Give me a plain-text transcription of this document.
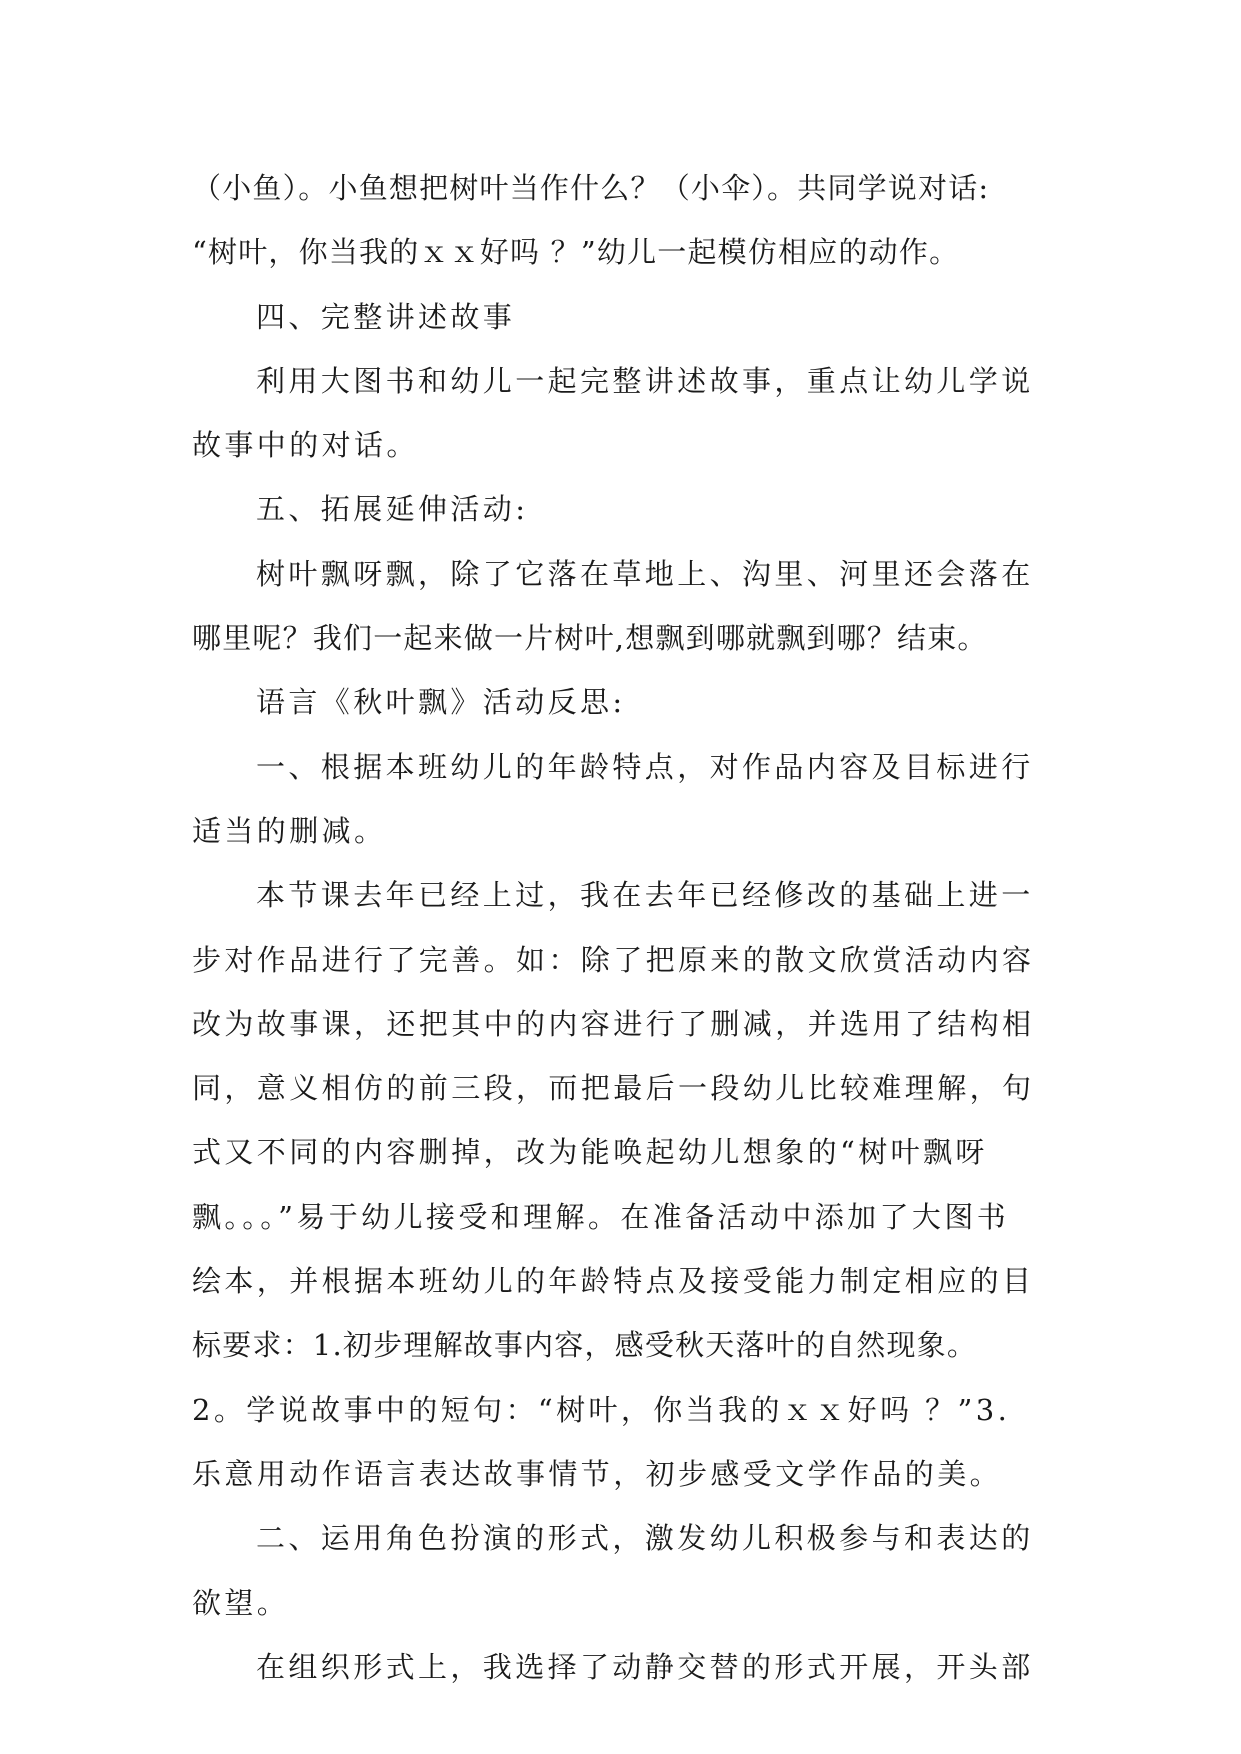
（小鱼）。小鱼想把树叶当作什么？（小伞）。共同学说对话:
“树叶，你当我的ｘｘ好吗 ？”幼儿一起模仿相应的动作。
四、完整讲述故事
利用大图书和幼儿一起完整讲述故事，重点让幼儿学说
故事中的对话。
五、拓展延伸活动:
树叶飘呀飘，除了它落在草地上、沟里、河里还会落在
哪里呢？我们一起来做一片树叶,想飘到哪就飘到哪？结束。
语言《秋叶飘》活动反思:
一、根据本班幼儿的年龄特点，对作品内容及目标进行
适当的删减。
本节课去年已经上过，我在去年已经修改的基础上进一
步对作品进行了完善。如：除了把原来的散文欣赏活动内容
改为故事课，还把其中的内容进行了删减，并选用了结构相
同，意义相仿的前三段，而把最后一段幼儿比较难理解，句
式又不同的内容删掉，改为能唤起幼儿想象的“树叶飘呀
飘。。。”易于幼儿接受和理解。在准备活动中添加了大图书
绘本，并根据本班幼儿的年龄特点及接受能力制定相应的目
标要求：1.初步理解故事内容，感受秋天落叶的自然现象。
2。学说故事中的短句：“树叶，你当我的ｘｘ好吗 ？”3.
乐意用动作语言表达故事情节，初步感受文学作品的美。
二、运用角色扮演的形式，激发幼儿积极参与和表达的
欲望。
在组织形式上，我选择了动静交替的形式开展，开头部
